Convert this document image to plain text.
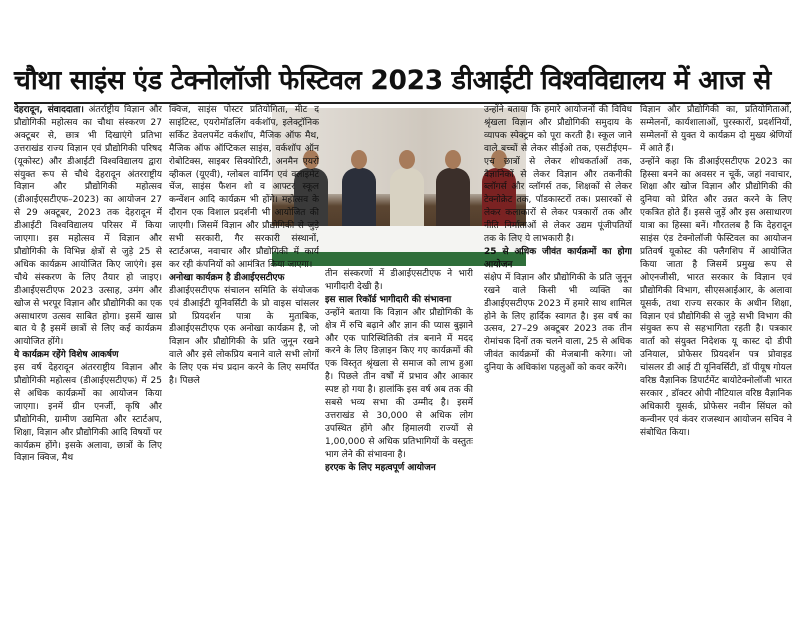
चौथा साइंस एंड टेक्नोलॉजी फेस्टिवल 2023 डीआईटी विश्वविद्यालय में आज से

देहरादून, संवाददाता। अंतर्राष्ट्रीय विज्ञान और प्रौद्योगिकी महोत्सव का चौथा संस्करण 27 अक्टूबर से, छात्र भी दिखाएंगे प्रतिभा उत्तराखंड राज्य विज्ञान एवं प्रौद्योगिकी परिषद (यूकोस्ट) और डीआईटी विश्वविद्यालय द्वारा संयुक्त रूप से चौथे देहरादून अंतरराष्ट्रीय विज्ञान और प्रौद्योगिकी महोत्सव (डीआईएसटीएफ–2023) का आयोजन 27 से 29 अक्टूबर, 2023 तक देहरादून में डीआईटी विश्वविद्यालय परिसर में किया जाएगा। इस महोत्सव में विज्ञान और प्रौद्योगिकी के विभिन्न क्षेत्रों से जुड़े 25 से अधिक कार्यक्रम आयोजित किए जाएंगे। इस चौथे संस्करण के लिए तैयार हो जाइए। डीआईएसटीएफ 2023 उत्साह, उमंग और खोज से भरपूर विज्ञान और प्रौद्योगिकी का एक असाधारण उत्सव साबित होगा। इसमें खास बात ये है इसमें छात्रों से लिए कई कार्यक्रम आयोजित होंगे।

ये कार्यक्रम रहेंगे विशेष आकर्षण

इस वर्ष देहरादून अंतरराष्ट्रीय विज्ञान और प्रौद्योगिकी महोत्सव (डीआईएसटीएफ) में 25 से अधिक कार्यक्रमों का आयोजन किया जाएगा। इनमें ग्रीन एनर्जी, कृषि और प्रौद्योगिकी, ग्रामीण उद्यमिता और स्टार्टअप, शिक्षा, विज्ञान और प्रौद्योगिकी आदि विषयों पर कार्यक्रम होंगे। इसके अलावा, छात्रों के लिए विज्ञान क्विज, मैथ

क्विज, साइंस पोस्टर प्रतियोगिता, मीट द साइंटिस्ट, एयरोमॉडलिंग वर्कशॉप, इलेक्ट्रॉनिक सर्किट डेवलपमेंट वर्कशॉप, मैजिक ऑफ मैथ, मैजिक ऑफ ऑप्टिकल साइंस, वर्कशॉप ऑन रोबोटिक्स, साइबर सिक्योरिटी, अनमैन एयरो व्हीकल (यूएवी), ग्लोबल वार्मिंग एवं क्लाइमेट चेंज, साइंस फैशन शो व आफ्टर स्कूल कन्वेंशन आदि कार्यक्रम भी होंगे। महोत्सव के दौरान एक विशाल प्रदर्शनी भी आयोजित की जाएगी। जिसमें विज्ञान और प्रौद्योगिकी से जुड़े सभी सरकारी, गैर सरकारी संस्थानों, स्टार्टअप्स, नवाचार और प्रौद्योगिकी में कार्य कर रही कंपनियों को आमंत्रित किया जाएगा।

अनोखा कार्यक्रम है डीआईएसटीएफ

डीआईएसटीएफ संचालन समिति के संयोजक एवं डीआईटी यूनिवर्सिटी के प्रो वाइस चांसलर प्रो प्रियदर्शन पात्रा के मुताबिक, डीआईएसटीएफ एक अनोखा कार्यक्रम है, जो विज्ञान और प्रौद्योगिकी के प्रति जुनून रखने वाले और इसे लोकप्रिय बनाने वाले सभी लोगों के लिए एक मंच प्रदान करने के लिए समर्पित है। पिछले

तीन संस्करणों में डीआईएसटीएफ ने भारी भागीदारी देखी है।

इस साल रिकॉर्ड भागीदारी की संभावना

उन्होंने बताया कि विज्ञान और प्रौद्योगिकी के क्षेत्र में रुचि बढ़ाने और ज्ञान की प्यास बुझाने और एक पारिस्थितिकी तंत्र बनाने में मदद करने के लिए डिज़ाइन किए गए कार्यक्रमों की एक विस्तृत श्रृंखला से समाज को लाभ हुआ है। पिछले तीन वर्षों में प्रभाव और आकार स्पष्ट हो गया है। हालांकि इस वर्ष अब तक की सबसे भव्य सभा की उम्मीद है। इसमें उत्तराखंड से 30,000 से अधिक लोग उपस्थित होंगे और हिमालयी राज्यों से 1,00,000 से अधिक प्रतिभागियों के वस्तुतः भाग लेने की संभावना है।

हरएक के लिए महत्वपूर्ण आयोजन

उन्होंने बताया कि हमारे आयोजनों की विविध श्रृंखला विज्ञान और प्रौद्योगिकी समुदाय के व्यापक स्पेक्ट्रम को पूरा करती है। स्कूल जाने वाले बच्चों से लेकर सीईओ तक, एसटीईएम–एच छात्रों से लेकर शोधकर्ताओं तक, वैज्ञानिकों से लेकर विज्ञान और तकनीकी ब्लॉगर्स और व्लॉगर्स तक, शिक्षकों से लेकर टेक्नोक्रेट तक, पॉडकास्टरों तक। प्रसारकों से लेकर कलाकारों से लेकर पत्रकारों तक और नीति निर्माताओं से लेकर उद्यम पूंजीपतियों तक के लिए ये लाभकारी है।

25 से अधिक जीवंत कार्यक्रमों का होगा आयोजन

संक्षेप में विज्ञान और प्रौद्योगिकी के प्रति जुनून रखने वाले किसी भी व्यक्ति का डीआईएसटीएफ 2023 में हमारे साथ शामिल होने के लिए हार्दिक स्वागत है। इस वर्ष का उत्सव, 27–29 अक्टूबर 2023 तक तीन रोमांचक दिनों तक चलने वाला, 25 से अधिक जीवंत कार्यक्रमों की मेजबानी करेगा। जो दुनिया के अधिकांश पहलुओं को कवर करेंगे।

विज्ञान और प्रौद्योगिकी का, प्रतियोगिताओं, सम्मेलनों, कार्यशालाओं, पुरस्कारों, प्रदर्शनियों, सम्मेलनों से युक्त ये कार्यक्रम दो मुख्य श्रेणियों में आते हैं।

उन्होंने कहा कि डीआईएसटीएफ 2023 का हिस्सा बनने का अवसर न चूकें, जहां नवाचार, शिक्षा और खोज विज्ञान और प्रौद्योगिकी की दुनिया को प्रेरित और उन्नत करने के लिए एकत्रित होते हैं। इससे जुड़ें और इस असाधारण यात्रा का हिस्सा बनें। गौरतलब है कि देहरादून साइंस एंड टेक्नोलॉजी फेस्टिवल का आयोजन प्रतिवर्ष यूकोस्ट की फ्लैगशिप में आयोजित किया जाता है जिसमें प्रमुख रूप से ओएनजीसी, भारत सरकार के विज्ञान एवं प्रौद्योगिकी विभाग, सीएसआईआर, के अलावा यूसर्क, तथा राज्य सरकार के अधीन शिक्षा, विज्ञान एवं प्रौद्योगिकी से जुड़े सभी विभाग की संयुक्त रूप से सहभागिता रहती है। पत्रकार वार्ता को संयुक्त निदेशक यू कास्ट दो डीपी उनियाल, प्रोफेसर प्रियदर्शन पत्र प्रोवाइड चांसलर डी आई टी यूनिवर्सिटी, डॉ पीयूष गोयल वरिष्ठ वैज्ञानिक डिपार्टमेंट बायोटेक्नोलॉजी भारत सरकार , डॉक्टर ओपी नौटियाल वरिष्ठ वैज्ञानिक अधिकारी यूसर्क, प्रोफेसर नवीन सिंघल को कन्वीनर एवं कंवर राजस्थान आयोजन सचिव ने संबोधित किया।
